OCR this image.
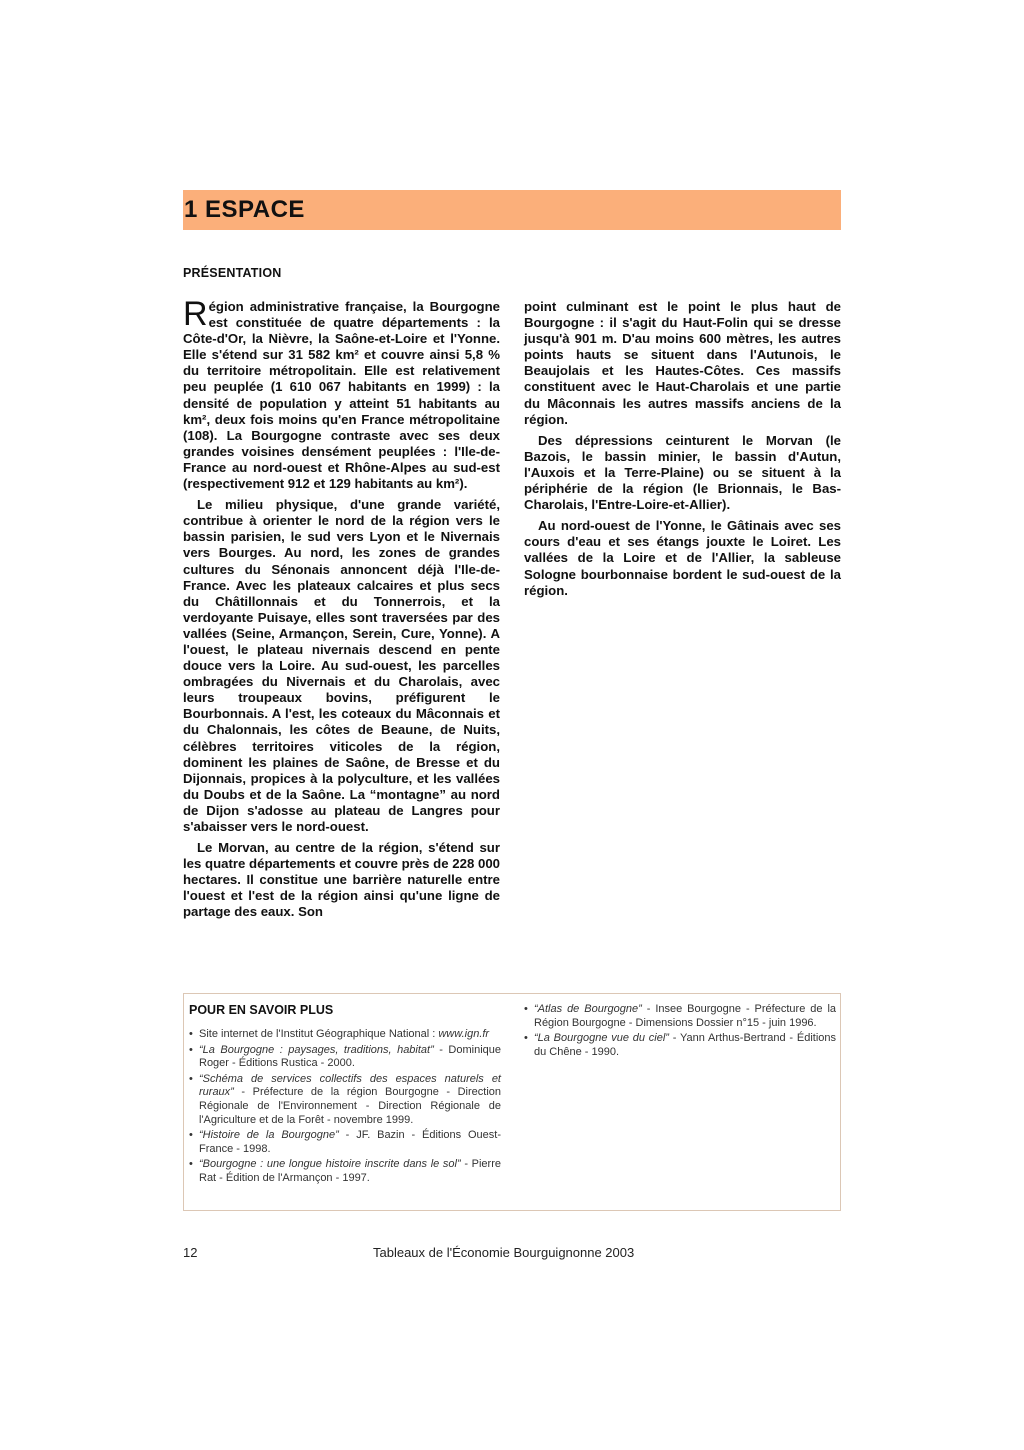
1 ESPACE
PRÉSENTATION

Région administrative française, la Bourgogne est constituée de quatre départements : la Côte-d'Or, la Nièvre, la Saône-et-Loire et l'Yonne. Elle s'étend sur 31 582 km² et couvre ainsi 5,8 % du territoire métropolitain. Elle est relativement peu peuplée (1 610 067 habitants en 1999) : la densité de population y atteint 51 habitants au km², deux fois moins qu'en France métropolitaine (108). La Bourgogne contraste avec ses deux grandes voisines densément peuplées : l'Ile-de-France au nord-ouest et Rhône-Alpes au sud-est (respectivement 912 et 129 habitants au km²).

Le milieu physique, d'une grande variété, contribue à orienter le nord de la région vers le bassin parisien, le sud vers Lyon et le Nivernais vers Bourges. Au nord, les zones de grandes cultures du Sénonais annoncent déjà l'Ile-de-France. Avec les plateaux calcaires et plus secs du Châtillonnais et du Tonnerrois, et la verdoyante Puisaye, elles sont traversées par des vallées (Seine, Armançon, Serein, Cure, Yonne). A l'ouest, le plateau nivernais descend en pente douce vers la Loire. Au sud-ouest, les parcelles ombragées du Nivernais et du Charolais, avec leurs troupeaux bovins, préfigurent le Bourbonnais. A l'est, les coteaux du Mâconnais et du Chalonnais, les côtes de Beaune, de Nuits, célèbres territoires viticoles de la région, dominent les plaines de Saône, de Bresse et du Dijonnais, propices à la polyculture, et les vallées du Doubs et de la Saône. La “montagne” au nord de Dijon s'adosse au plateau de Langres pour s'abaisser vers le nord-ouest.

Le Morvan, au centre de la région, s'étend sur les quatre départements et couvre près de 228 000 hectares. Il constitue une barrière naturelle entre l'ouest et l'est de la région ainsi qu'une ligne de partage des eaux. Son

point culminant est le point le plus haut de Bourgogne : il s'agit du Haut-Folin qui se dresse jusqu'à 901 m. D'au moins 600 mètres, les autres points hauts se situent dans l'Autunois, le Beaujolais et les Hautes-Côtes. Ces massifs constituent avec le Haut-Charolais et une partie du Mâconnais les autres massifs anciens de la région.

Des dépressions ceinturent le Morvan (le Bazois, le bassin minier, le bassin d'Autun, l'Auxois et la Terre-Plaine) ou se situent à la périphérie de la région (le Brionnais, le Bas-Charolais, l'Entre-Loire-et-Allier).

Au nord-ouest de l'Yonne, le Gâtinais avec ses cours d'eau et ses étangs jouxte le Loiret. Les vallées de la Loire et de l'Allier, la sableuse Sologne bourbonnaise bordent le sud-ouest de la région.

POUR EN SAVOIR PLUS
• Site internet de l'Institut Géographique National : www.ign.fr
• “La Bourgogne : paysages, traditions, habitat” - Dominique Roger - Éditions Rustica - 2000.
• “Schéma de services collectifs des espaces naturels et ruraux” - Préfecture de la région Bourgogne - Direction Régionale de l'Environnement - Direction Régionale de l'Agriculture et de la Forêt - novembre 1999.
• “Histoire de la Bourgogne” - JF. Bazin - Éditions Ouest-France - 1998.
• “Bourgogne : une longue histoire inscrite dans le sol” - Pierre Rat - Édition de l'Armançon - 1997.
• “Atlas de Bourgogne” - Insee Bourgogne - Préfecture de la Région Bourgogne - Dimensions Dossier n°15 - juin 1996.
• “La Bourgogne vue du ciel” - Yann Arthus-Bertrand - Éditions du Chêne - 1990.
12	Tableaux de l'Économie Bourguignonne 2003
